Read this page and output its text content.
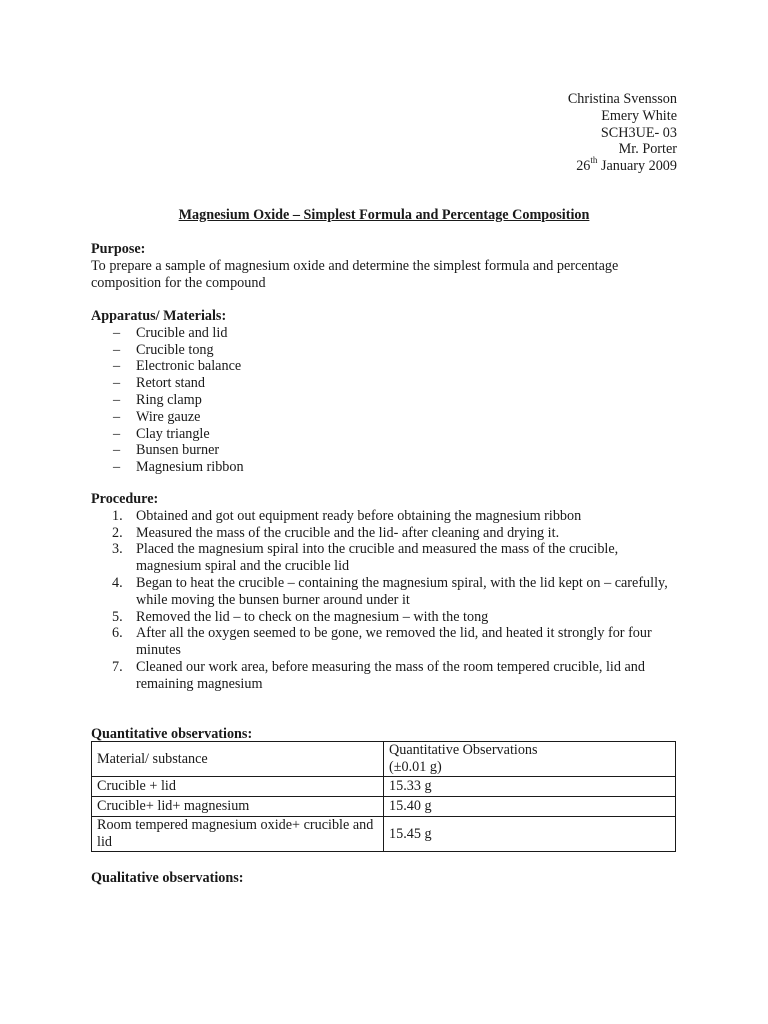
Christina Svensson
Emery White
SCH3UE- 03
Mr. Porter
26th January 2009
Magnesium Oxide – Simplest Formula and Percentage Composition
Purpose:
To prepare a sample of magnesium oxide and determine the simplest formula and percentage composition for the compound
Apparatus/ Materials:
– Crucible and lid
– Crucible tong
– Electronic balance
– Retort stand
– Ring clamp
– Wire gauze
– Clay triangle
– Bunsen burner
– Magnesium ribbon
Procedure:
1. Obtained and got out equipment ready before obtaining the magnesium ribbon
2. Measured the mass of the crucible and the lid- after cleaning and drying it.
3. Placed the magnesium spiral into the crucible and measured the mass of the crucible, magnesium spiral and the crucible lid
4. Began to heat the crucible – containing the magnesium spiral, with the lid kept on – carefully, while moving the bunsen burner around under it
5. Removed the lid – to check on the magnesium – with the tong
6. After all the oxygen seemed to be gone, we removed the lid, and heated it strongly for four minutes
7. Cleaned our work area, before measuring the mass of the room tempered crucible, lid and remaining magnesium
Quantitative observations:
Material/ substance	Quantitative Observations
(±0.01 g)

Crucible + lid	15.33 g
Crucible+ lid+ magnesium	15.40 g
Room tempered magnesium oxide+ crucible and lid	15.45 g
Qualitative observations:
